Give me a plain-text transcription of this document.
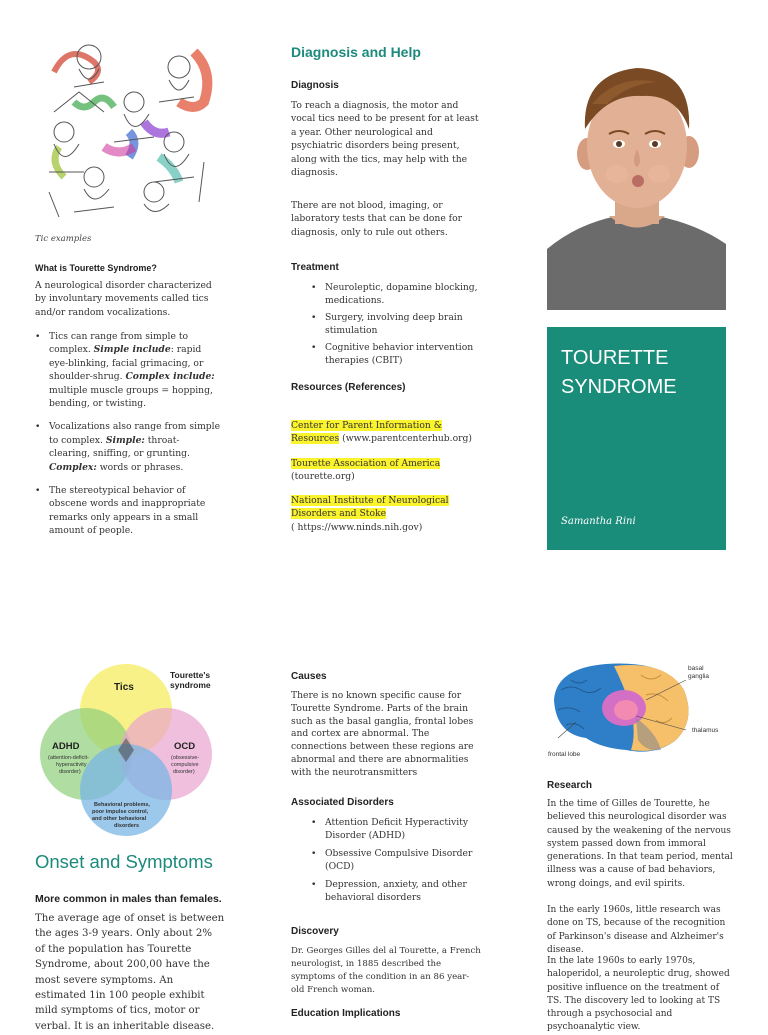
Tic examples
What is Tourette Syndrome?
A neurological disorder characterized by involuntary movements called tics and/or random vocalizations.
• Tics can range from simple to complex. Simple include: rapid eye-blinking, facial grimacing, or shoulder-shrug. Complex include: multiple muscle groups = hopping, bending, or twisting.
• Vocalizations also range from simple to complex. Simple: throat- clearing, sniffing, or grunting. Complex: words or phrases.
• The stereotypical behavior of obscene words and inappropriate remarks only appears in a small amount of people.
Diagnosis and Help
Diagnosis
To reach a diagnosis, the motor and vocal tics need to be present for at least a year. Other neurological and psychiatric disorders being present, along with the tics, may help with the diagnosis.
There are not blood, imaging, or laboratory tests that can be done for diagnosis, only to rule out others.
Treatment
• Neuroleptic, dopamine blocking, medications.
• Surgery, involving deep brain stimulation
• Cognitive behavior intervention therapies (CBIT)
Resources (References)
Center for Parent Information & Resources (www.parentcenterhub.org)
Tourette Association of America
(tourette.org)
National Institute of Neurological Disorders and Stoke
( https://www.ninds.nih.gov)
TOURETTE
SYNDROME
Samantha Rini
Tics
Tourette's
syndrome
ADHD
(attention-deficit-
hyperactivity
disorder)
OCD
(obsessive-
compulsive
disorder)
Behavioral problems,
poor impulse control,
and other behavioral
disorders
Onset and Symptoms
More common in males than females.
The average age of onset is between the ages 3-9 years. Only about 2% of the population has Tourette Syndrome, about 200,00 have the most severe symptoms. An estimated 1in 100 people exhibit mild symptoms of tics, motor or verbal. It is an inheritable disease.
Causes
There is no known specific cause for Tourette Syndrome. Parts of the brain such as the basal ganglia, frontal lobes and cortex are abnormal. The connections between these regions are abnormal and there are abnormalities with the neurotransmitters
Associated Disorders
• Attention Deficit Hyperactivity Disorder (ADHD)
• Obsessive Compulsive Disorder (OCD)
• Depression, anxiety, and other behavioral disorders
Discovery
Dr. Georges Gilles del al Tourette, a French neurologist, in 1885 described the symptoms of the condition in an 86 year- old French woman.
Education Implications
basal
ganglia
thalamus
frontal lobe
Research
In the time of Gilles de Tourette, he believed this neurological disorder was caused by the weakening of the nervous system passed down from immoral generations. In that team period, mental illness was a cause of bad behaviors, wrong doings, and evil spirits.
In the early 1960s, little research was done on TS, because of the recognition of Parkinson's disease and Alzheimer's disease.
In the late 1960s to early 1970s, haloperidol, a neuroleptic drug, showed positive influence on the treatment of TS. The discovery led to looking at TS through a psychosocial and psychoanalytic view.
